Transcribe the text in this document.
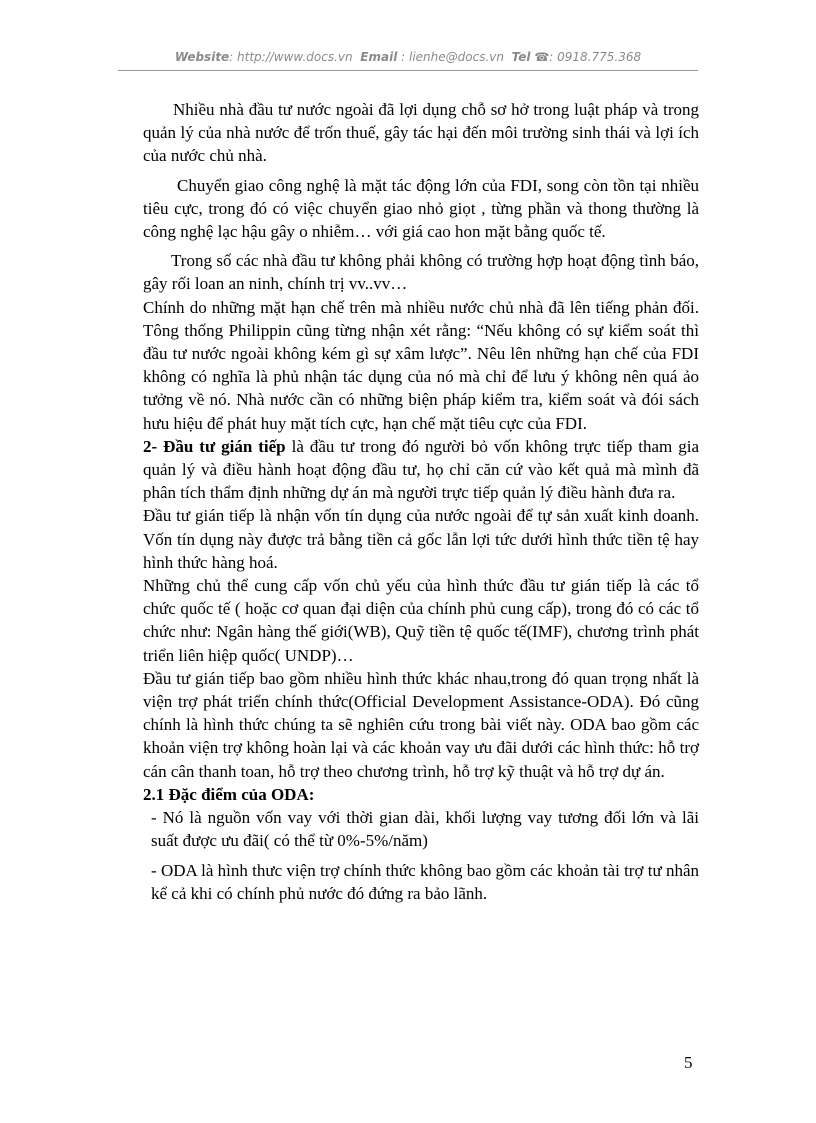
Website: http://www.docs.vn Email : lienhe@docs.vn Tel ☎: 0918.775.368

Nhiều nhà đầu tư nước ngoài đã lợi dụng chỗ sơ hở trong luật pháp và trong quản lý của nhà nước để trốn thuế, gây tác hại đến môi trường sinh thái và lợi ích của nước chủ nhà.

Chuyển giao công nghệ là mặt tác động lớn của FDI, song còn tồn tại nhiều tiêu cực, trong đó có việc chuyển giao nhỏ giọt , từng phần và thong thường là công nghệ lạc hậu gây o nhiễm… với giá cao hon mặt bằng quốc tế.

Trong số các nhà đầu tư không phải không có trường hợp hoạt động tình báo, gây rối loan an ninh, chính trị vv..vv…

Chính do những mặt hạn chế trên mà nhiều nước chủ nhà đã lên tiếng phản đối. Tông thống Philippin cũng từng nhận xét rằng: “Nếu không có sự kiểm soát thì đầu tư nước ngoài không kém gì sự xâm lược”. Nêu lên những hạn chế của FDI không có nghĩa là phủ nhận tác dụng của nó mà chỉ để lưu ý không nên quá ảo tưởng về nó. Nhà nước cần có những biện pháp kiểm tra, kiểm soát và đói sách hưu hiệu để phát huy mặt tích cực, hạn chế mặt tiêu cực của FDI.

2- Đầu tư gián tiếp là đầu tư trong đó người bỏ vốn không trực tiếp tham gia quản lý và điều hành hoạt động đầu tư, họ chỉ căn cứ vào kết quả mà mình đã phân tích thẩm định những dự án mà người trực tiếp quản lý điều hành đưa ra.

Đầu tư gián tiếp là nhận vốn tín dụng của nước ngoài để tự sản xuất kinh doanh. Vốn tín dụng này được trả bằng tiền cả gốc lẫn lợi tức dưới hình thức tiền tệ hay hình thức hàng hoá.

Những chủ thể cung cấp vốn chủ yếu của hình thức đầu tư gián tiếp là các tổ chức quốc tế ( hoặc cơ quan đại diện của chính phủ cung cấp), trong đó có các tổ chức như: Ngân hàng thế giới(WB), Quỹ tiền tệ quốc tế(IMF), chương trình phát triển liên hiệp quốc( UNDP)…

Đầu tư gián tiếp bao gồm nhiều hình thức khác nhau,trong đó quan trọng nhất là viện trợ phát triển chính thức(Official Development Assistance-ODA). Đó cũng chính là hình thức chúng ta sẽ nghiên cứu trong bài viết này. ODA bao gồm các khoản viện trợ không hoàn lại và các khoản vay ưu đãi dưới các hình thức: hỗ trợ cán cân thanh toan, hỗ trợ theo chương trình, hỗ trợ kỹ thuật và hỗ trợ dự án.

2.1 Đặc điểm của ODA:

- Nó là nguồn vốn vay với thời gian dài, khối lượng vay tương đối lớn và lãi suất được ưu đãi( có thể từ 0%-5%/năm)

- ODA là hình thưc viện trợ chính thức không bao gồm các khoản tài trợ tư nhân kể cả khi có chính phủ nước đó đứng ra bảo lãnh.

5
